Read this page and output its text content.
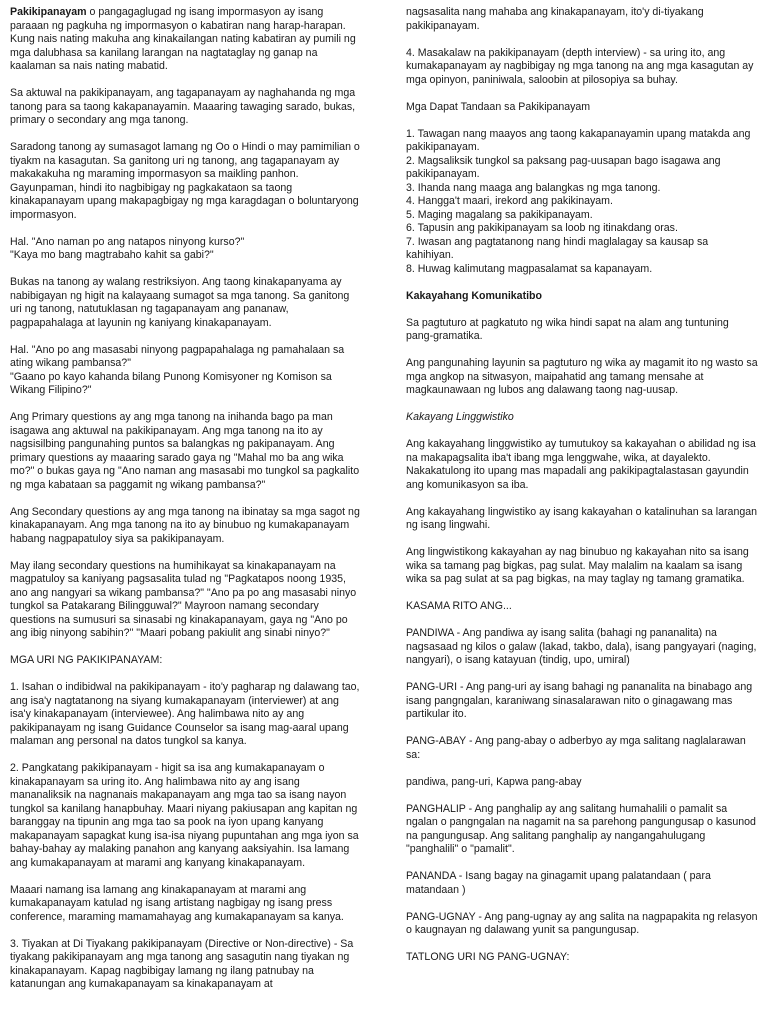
Pakikipanayam o pangagaglugad ng isang impormasyon ay isang paraaan ng pagkuha ng impormasyon o kabatiran nang harap-harapan. Kung nais nating makuha ang kinakailangan nating kabatiran ay pumili ng mga dalubhasa sa kanilang larangan na nagtataglay ng ganap na kaalaman sa nais nating mabatid.

Sa aktuwal na pakikipanayam, ang tagapanayam ay naghahanda ng mga tanong para sa taong kakapanayamin. Maaaring tawaging sarado, bukas, primary o secondary ang mga tanong.

Saradong tanong ay sumasagot lamang ng Oo o Hindi o may pamimilian o tiyakm na kasagutan. Sa ganitong uri ng tanong, ang tagapanayam ay makakakuha ng maraming impormasyon sa maikling panhon. Gayunpaman, hindi ito nagbibigay ng pagkakataon sa taong kinakapanayam upang makapagbigay ng mga karagdagan o boluntaryong impormasyon.

Hal. "Ano naman po ang natapos ninyong kurso?"
"Kaya mo bang magtrabaho kahit sa gabi?"

Bukas na tanong ay walang restriksiyon. Ang taong kinakapanyama ay nabibigayan ng higit na kalayaang sumagot sa mga tanong. Sa ganitong uri ng tanong, natutuklasan ng tagapanayam ang pananaw, pagpapahalaga at layunin ng kaniyang kinakapanayam.

Hal. "Ano po ang masasabi ninyong pagpapahalaga ng pamahalaan sa ating wikang pambansa?"
"Gaano po kayo kahanda bilang Punong Komisyoner ng Komison sa Wikang Filipino?"

Ang Primary questions ay ang mga tanong na inihanda bago pa man isagawa ang aktuwal na pakikipanayam. Ang mga tanong na ito ay nagsisilbing pangunahing puntos sa balangkas ng pakipanayam. Ang primary questions ay maaaring sarado gaya ng "Mahal mo ba ang wika mo?" o bukas gaya ng "Ano naman ang masasabi mo tungkol sa pagkalito ng mga kabataan sa paggamit ng wikang pambansa?"

Ang Secondary questions ay ang mga tanong na ibinatay sa mga sagot ng kinakapanayam. Ang mga tanong na ito ay binubuo ng kumakapanayam habang nagpapatuloy siya sa pakikipanayam.

May ilang secondary questions na humihikayat sa kinakapanayam na magpatuloy sa kaniyang pagsasalita tulad ng "Pagkatapos noong 1935, ano ang nangyari sa wikang pambansa?" "Ano pa po ang masasabi ninyo tungkol sa Patakarang Bilingguwal?" Mayroon namang secondary questions na sumusuri sa sinasabi ng kinakapanayam, gaya ng "Ano po ang ibig ninyong sabihin?" "Maari pobang pakiulit ang sinabi ninyo?"

MGA URI NG PAKIKIPANAYAM:

1. Isahan o indibidwal na pakikipanayam - ito'y pagharap ng dalawang tao, ang isa'y nagtatanong na siyang kumakapanayam (interviewer) at ang isa'y kinakapanayam (interviewee). Ang halimbawa nito ay ang pakikipanayam ng isang Guidance Counselor sa isang mag-aaral upang malaman ang personal na datos tungkol sa kanya.

2. Pangkatang pakikipanayam - higit sa isa ang kumakapanayam o kinakapanayam sa uring ito. Ang halimbawa nito ay ang isang mananaliksik na nagnanais makapanayam ang mga tao sa isang nayon tungkol sa kanilang hanapbuhay. Maari niyang pakiusapan ang kapitan ng baranggay na tipunin ang mga tao sa pook na iyon upang kanyang makapanayam sapagkat kung isa-isa niyang pupuntahan ang mga iyon sa bahay-bahay ay malaking panahon ang kanyang aaksiyahin. Isa lamang ang kumakapanayam at marami ang kanyang kinakapanayam.

Maaari namang isa lamang ang kinakapanayam at marami ang kumakapanayam katulad ng isang artistang nagbigay ng isang press conference, maraming mamamahayag ang kumakapanayam sa kanya.

3. Tiyakan at Di Tiyakang pakikipanayam (Directive or Non-directive) - Sa tiyakang pakikipanayam ang mga tanong ang sasagutin nang tiyakan ng kinakapanayam. Kapag nagbibigay lamang ng ilang patnubay na katanungan ang kumakapanayam sa kinakapanayam at

nagsasalita nang mahaba ang kinakapanayam, ito'y di-tiyakang pakikipanayam.

4. Masakalaw na pakikipanayam (depth interview) - sa uring ito, ang kumakapanayam ay nagbibigay ng mga tanong na ang mga kasagutan ay mga opinyon, paniniwala, saloobin at pilosopiya sa buhay.

Mga Dapat Tandaan sa Pakikipanayam

1. Tawagan nang maayos ang taong kakapanayamin upang matakda ang pakikipanayam.
2. Magsaliksik tungkol sa paksang pag-uusapan bago isagawa ang pakikipanayam.
3. Ihanda nang maaga ang balangkas ng mga tanong.
4. Hangga't maari, irekord ang pakikinayam.
5. Maging magalang sa pakikipanayam.
6. Tapusin ang pakikipanayam sa loob ng itinakdang oras.
7. Iwasan ang pagtatanong nang hindi maglalagay sa kausap sa kahihiyan.
8. Huwag kalimutang magpasalamat sa kapanayam.

Kakayahang Komunikatibo

Sa pagtuturo at pagkatuto ng wika hindi sapat na alam ang tuntuning pang-gramatika.

Ang pangunahing layunin sa pagtuturo ng wika ay magamit ito ng wasto sa mga angkop na sitwasyon, maipahatid ang tamang mensahe at magkaunawaan ng lubos ang dalawang taong nag-uusap.

Kakayang Linggwistiko

Ang kakayahang linggwistiko ay tumutukoy sa kakayahan o abilidad ng isa na makapagsalita iba't ibang mga lenggwahe, wika, at dayalekto. Nakakatulong ito upang mas mapadali ang pakikipagtalastasan gayundin ang komunikasyon sa iba.

Ang kakayahang lingwistiko ay isang kakayahan o katalinuhan sa larangan ng isang lingwahi.

Ang lingwistikong kakayahan ay nag binubuo ng kakayahan nito sa isang wika sa tamang pag bigkas, pag sulat. May malalim na kaalam sa isang wika sa pag sulat at sa pag bigkas, na may taglay ng tamang gramatika.

KASAMA RITO ANG...

PANDIWA - Ang pandiwa ay isang salita (bahagi ng pananalita) na nagsasaad ng kilos o galaw (lakad, takbo, dala), isang pangyayari (naging, nangyari), o isang katayuan (tindig, upo, umiral)

PANG-URI - Ang pang-uri ay isang bahagi ng pananalita na binabago ang isang pangngalan, karaniwang sinasalarawan nito o ginagawang mas partikular ito.

PANG-ABAY - Ang pang-abay o adberbyo ay mga salitang naglalarawan sa:

pandiwa, pang-uri, Kapwa pang-abay

PANGHALIP - Ang panghalip ay ang salitang humahalili o pamalit sa ngalan o pangngalan na nagamit na sa parehong pangungusap o kasunod na pangungusap. Ang salitang panghalip ay nangangahulugang "panghalili" o "pamalit".

PANANDA - Isang bagay na ginagamit upang palatandaan ( para matandaan )

PANG-UGNAY - Ang pang-ugnay ay ang salita na nagpapakita ng relasyon o kaugnayan ng dalawang yunit sa pangungusap.

TATLONG URI NG PANG-UGNAY:
